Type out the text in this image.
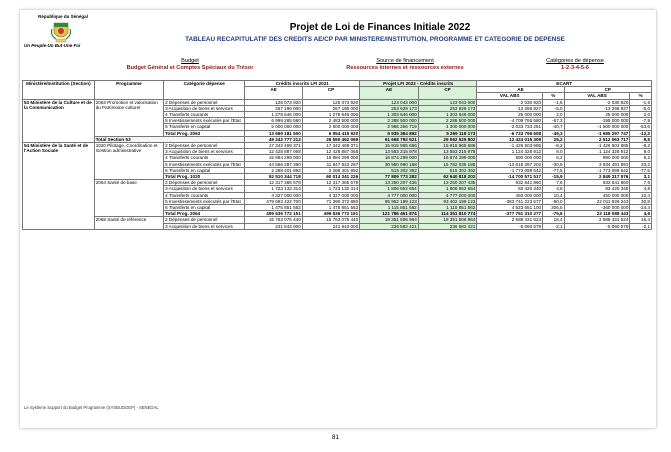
République du Sénégal
Un Peuple-Un But-Une Foi
Projet de Loi de Finances Initiale 2022
TABLEAU RECAPITULATIF DES CREDITS AE/CP PAR MINISTERE/INSTITUTION, PROGRAMME ET CATEGORIE DE DEPENSE
Budget
Budget Général et Comptes Spéciaux du Trésor
Source de financement
Ressources internes et ressources externes
Catégories de dépense
1-2-3-4-5-6
Ministère/Institution (Section)	Programme	Catégorie dépense	Crédits inscrits LFI 2021		Projet LFI 2022 - Crédits inscrits		ECART			
			AE	CP	AE	CP	AE		CP	
							VAL ABS	%	VAL ABS	%
53 Ministère de la Culture et de la Communication	2063 Promotion et valorisation du Patrimoine culturel	2 Dépenses de personnel	125 073 920	125 073 920	123 043 000	123 043 000	-2 030 920	-1,6	-2 030 920	-1,6
		3 Acquisition de biens et services	267 196 000	267 196 000	253 929 173	253 929 173	-13 266 827	-5,0	-13 266 827	-5,0
		4 Transferts courants	1 278 646 000	1 278 646 000	1 303 646 000	1 303 646 000	25 000 000	2,0	25 000 000	2,0
		5 Investissements exécutés par l'Etat	6 998 265 580	2 483 500 000	2 288 500 000	2 288 500 000	-4 709 765 580	-67,3	-195 000 000	-7,9
		6 Transferts en capital	5 000 000 000	2 800 000 000	2 966 266 719	1 300 000 000	-2 033 733 281	-40,7	-1 500 000 000	-53,6
		Total Prog. 2063	13 669 181 500	6 954 415 920	6 935 384 892	5 269 118 173	-6 733 796 608	-49,3	-1 685 297 747	-12,3
	Total Section 53		49 242 777 212	26 550 462 069	61 668 792 521	29 062 525 802	12 424 015 309	25,2	2 512 063 717	9,5
54 Ministère de la Santé et de l'Action Sociale	1020 Pilotage, Coordination et Gestion administrative	2 Dépenses de personnel	17 342 469 371	17 342 469 371	15 915 965 686	15 915 965 686	-1 426 503 685	-8,2	-1 426 503 685	-8,2
		3 Acquisition de biens et services	12 428 887 068	12 428 887 068	13 553 215 978	13 553 215 978	1 124 328 912	9,0	1 124 328 912	9,0
		4 Transferts courants	15 884 299 000	15 884 299 000	16 874 299 000	16 874 299 000	990 000 000	6,2	990 000 000	6,2
		5 Investissements exécutés par l'Etat	44 566 287 390	11 847 543 297	30 950 990 188	15 782 035 188	-13 615 297 202	-30,6	3 934 491 891	33,2
		6 Transferts en capital	2 288 401 892	2 288 401 892	515 302 392	515 302 392	-1 773 099 542	-77,5	-1 773 099 542	-77,5
		Total Prog. 1020	92 510 344 718	60 014 341 226	77 809 773 282	62 640 818 202	-14 700 571 517	-15,9	2 849 217 576	3,1
	2064 Santé de base	2 Dépenses de personnel	12 317 365 579	12 317 365 579	13 250 207 435	13 250 207 435	932 841 860	7,6	932 841 860	7,6
		3 Acquisition de biens et services	1 723 132 314	1 723 132 314	1 806 552 654	1 806 552 654	83 420 340	4,8	83 420 340	4,8
		4 Transferts courants	4 327 000 000	4 327 000 000	4 777 000 000	4 777 000 000	450 000 000	10,4	450 000 000	10,4
		5 Investissements exécutés par l'Etat	479 693 422 700	71 390 372 880	95 952 199 123	93 402 199 123	-383 741 223 577	-80,0	22 011 826 243	30,8
		6 Transferts en capital	1 475 851 562	1 475 851 562	1 115 851 562	1 115 851 562	4 523 651 100	306,5	-360 000 000	-24,4
		Total Prog. 2064	499 536 772 151	499 536 772 151	121 786 461 874	114 351 810 774	-377 751 310 277	-75,6	23 118 088 443	4,6
	2068 Santé de référence	2 Dépenses de personnel	15 763 075 440	15 763 075 440	18 351 506 964	18 351 506 964	2 588 431 524	16,4	2 588 431 524	16,4
		3 Acquisition de biens et services	241 643 000	241 643 000	236 582 421	236 582 421	-5 060 579	-2,1	-5 060 579	-2,1
Le Système Support du Budget Programme (SYSBUDGEP) - SENEGAL
81
